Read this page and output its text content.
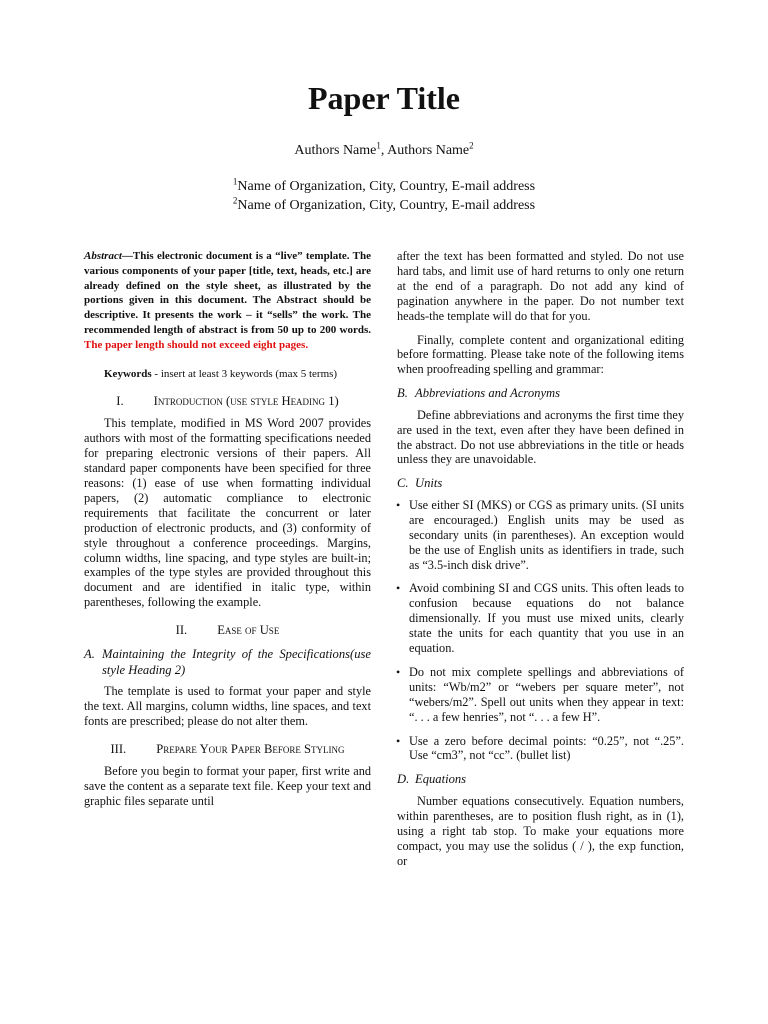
Paper Title
Authors Name$^1$, Authors Name$^2$
$^1$Name of Organization, City, Country, E-mail address
$^2$Name of Organization, City, Country, E-mail address

Abstract—This electronic document is a “live” template. The various components of your paper [title, text, heads, etc.] are already defined on the style sheet, as illustrated by the portions given in this document. The Abstract should be descriptive. It presents the work – it “sells” the work. The recommended length of abstract is from 50 up to 200 words. The paper length should not exceed eight pages.

Keywords - insert at least 3 keywords (max 5 terms)

I. Introduction (use style Heading 1)

This template, modified in MS Word 2007 provides authors with most of the formatting specifications needed for preparing electronic versions of their papers. All standard paper components have been specified for three reasons: (1) ease of use when formatting individual papers, (2) automatic compliance to electronic requirements that facilitate the concurrent or later production of electronic products, and (3) conformity of style throughout a conference proceedings. Margins, column widths, line spacing, and type styles are built-in; examples of the type styles are provided throughout this document and are identified in italic type, within parentheses, following the example.

II. Ease of Use
A. Maintaining the Integrity of the Specifications(use style Heading 2)

The template is used to format your paper and style the text. All margins, column widths, line spaces, and text fonts are prescribed; please do not alter them.

III. Prepare Your Paper Before Styling

Before you begin to format your paper, first write and save the content as a separate text file. Keep your text and graphic files separate until

after the text has been formatted and styled. Do not use hard tabs, and limit use of hard returns to only one return at the end of a paragraph. Do not add any kind of pagination anywhere in the paper. Do not number text heads-the template will do that for you.

Finally, complete content and organizational editing before formatting. Please take note of the following items when proofreading spelling and grammar:

B. Abbreviations and Acronyms

Define abbreviations and acronyms the first time they are used in the text, even after they have been defined in the abstract. Do not use abbreviations in the title or heads unless they are unavoidable.

C. Units
• Use either SI (MKS) or CGS as primary units. (SI units are encouraged.) English units may be used as secondary units (in parentheses). An exception would be the use of English units as identifiers in trade, such as “3.5-inch disk drive”.

• Avoid combining SI and CGS units. This often leads to confusion because equations do not balance dimensionally. If you must use mixed units, clearly state the units for each quantity that you use in an equation.

• Do not mix complete spellings and abbreviations of units: “Wb/m2” or “webers per square meter”, not “webers/m2”. Spell out units when they appear in text: “. . . a few henries”, not “. . . a few H”.

• Use a zero before decimal points: “0.25”, not “.25”. Use “cm3”, not “cc”. (bullet list)

D. Equations

Number equations consecutively. Equation numbers, within parentheses, are to position flush right, as in (1), using a right tab stop. To make your equations more compact, you may use the solidus ( / ), the exp function, or
